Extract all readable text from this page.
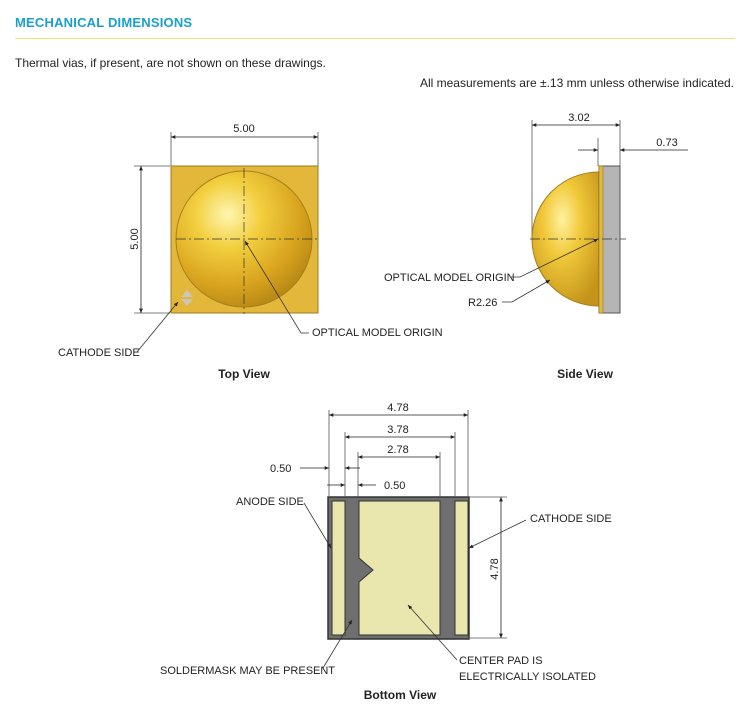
MECHANICAL DIMENSIONS
Thermal vias, if present, are not shown on these drawings.
All measurements are ±.13 mm unless otherwise indicated.
5.00
5.00
CATHODE SIDE
OPTICAL MODEL ORIGIN
Top View
3.02
0.73
OPTICAL MODEL ORIGIN
R2.26
Side View
4.78
3.78
2.78
0.50
0.50
4.78
ANODE SIDE
CATHODE SIDE
SOLDERMASK MAY BE PRESENT
CENTER PAD IS
ELECTRICALLY ISOLATED
Bottom View
